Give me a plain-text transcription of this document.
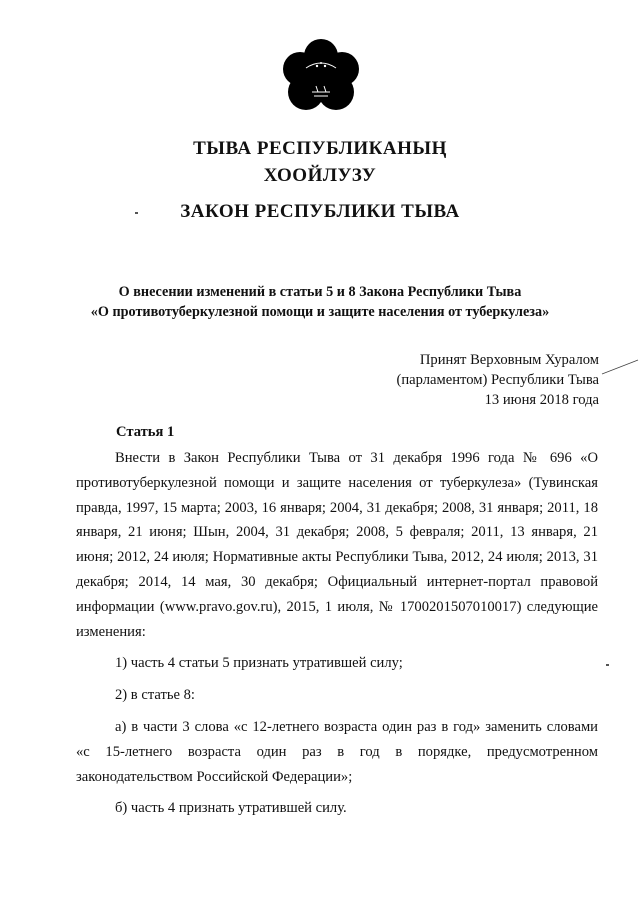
ТЫВА РЕСПУБЛИКАНЫҢ
ХООЙЛУЗУ
ЗАКОН РЕСПУБЛИКИ ТЫВА
О внесении изменений в статьи 5 и 8 Закона Республики Тыва
«О противотуберкулезной помощи и защите населения от туберкулеза»
Принят Верховным Хуралом
(парламентом) Республики Тыва
13 июня 2018 года
Статья 1

Внести в Закон Республики Тыва от 31 декабря 1996 года № 696 «О противотуберкулезной помощи и защите населения от туберкулеза» (Тувинская правда, 1997, 15 марта; 2003, 16 января; 2004, 31 декабря; 2008, 31 января; 2011, 18 января, 21 июня; Шын, 2004, 31 декабря; 2008, 5 февраля; 2011, 13 января, 21 июня; 2012, 24 июля; Нормативные акты Республики Тыва, 2012, 24 июля; 2013, 31 декабря; 2014, 14 мая, 30 декабря; Официальный интернет-портал правовой информации (www.pravo.gov.ru), 2015, 1 июля, № 1700201507010017) следующие изменения:

1) часть 4 статьи 5 признать утратившей силу;

2) в статье 8:

а) в части 3 слова «с 12-летнего возраста один раз в год» заменить словами «с 15-летнего возраста один раз в год в порядке, предусмотренном законодательством Российской Федерации»;

б) часть 4 признать утратившей силу.
